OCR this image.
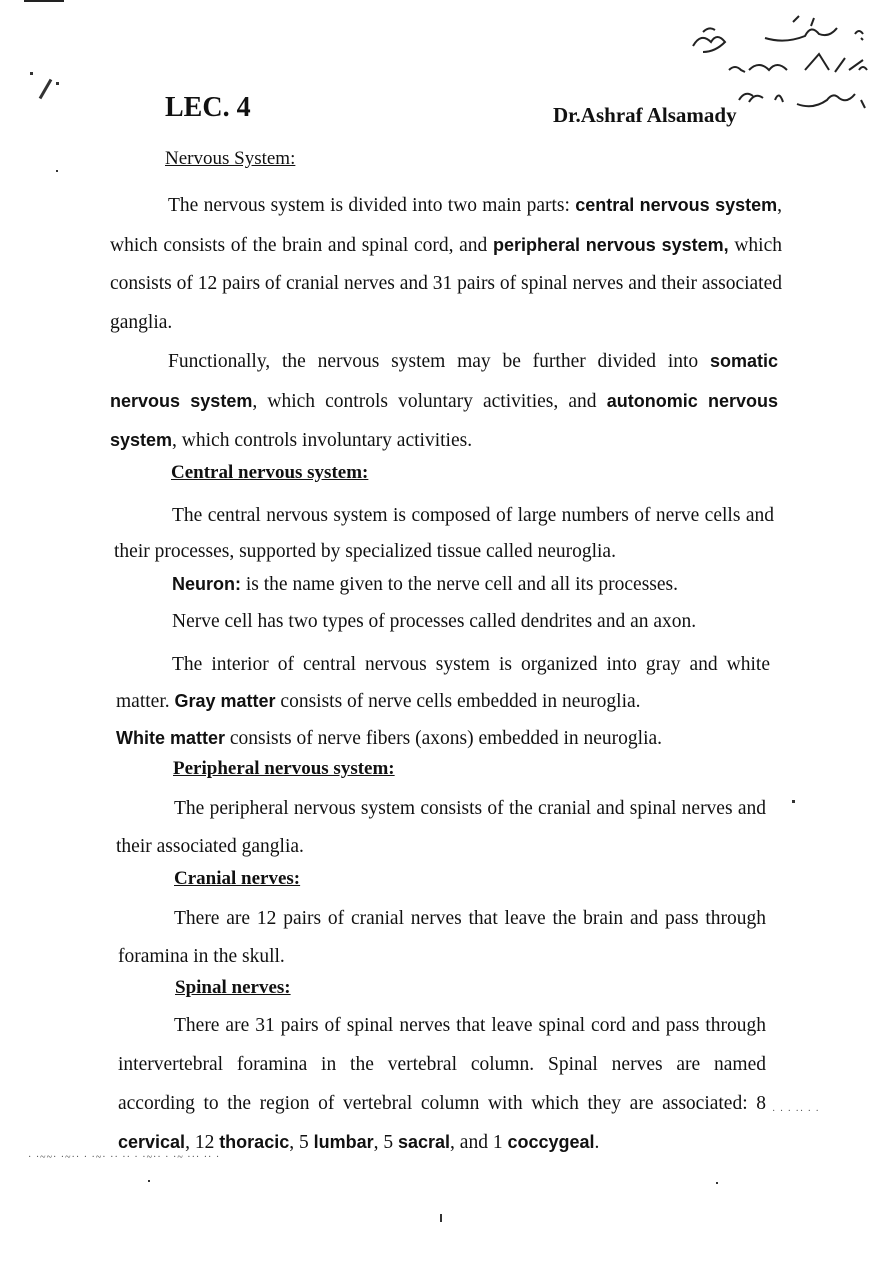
LEC. 4	Dr.Ashraf Alsamady
Nervous System:
The nervous system is divided into two main parts: central nervous system, which consists of the brain and spinal cord, and peripheral nervous system, which consists of 12 pairs of cranial nerves and 31 pairs of spinal nerves and their associated ganglia.
Functionally, the nervous system may be further divided into somatic nervous system, which controls voluntary activities, and autonomic nervous system, which controls involuntary activities.
Central nervous system:
The central nervous system is composed of large numbers of nerve cells and their processes, supported by specialized tissue called neuroglia.
Neuron: is the name given to the nerve cell and all its processes.
Nerve cell has two types of processes called dendrites and an axon.
The interior of central nervous system is organized into gray and white matter. Gray matter consists of nerve cells embedded in neuroglia.
White matter consists of nerve fibers (axons) embedded in neuroglia.
Peripheral nervous system:
The peripheral nervous system consists of the cranial and spinal nerves and their associated ganglia.
Cranial nerves:
There are 12 pairs of cranial nerves that leave the brain and pass through foramina in the skull.
Spinal nerves:
There are 31 pairs of spinal nerves that leave spinal cord and pass through intervertebral foramina in the vertebral column. Spinal nerves are named according to the region of vertebral column with which they are associated: 8 cervical, 12 thoracic, 5 lumbar, 5 sacral, and 1 coccygeal.
· ·~~· ·~·· · ·~· ·· ·· · ·~·· · ·~ ··· ·· ·
· · · ·· · ·
